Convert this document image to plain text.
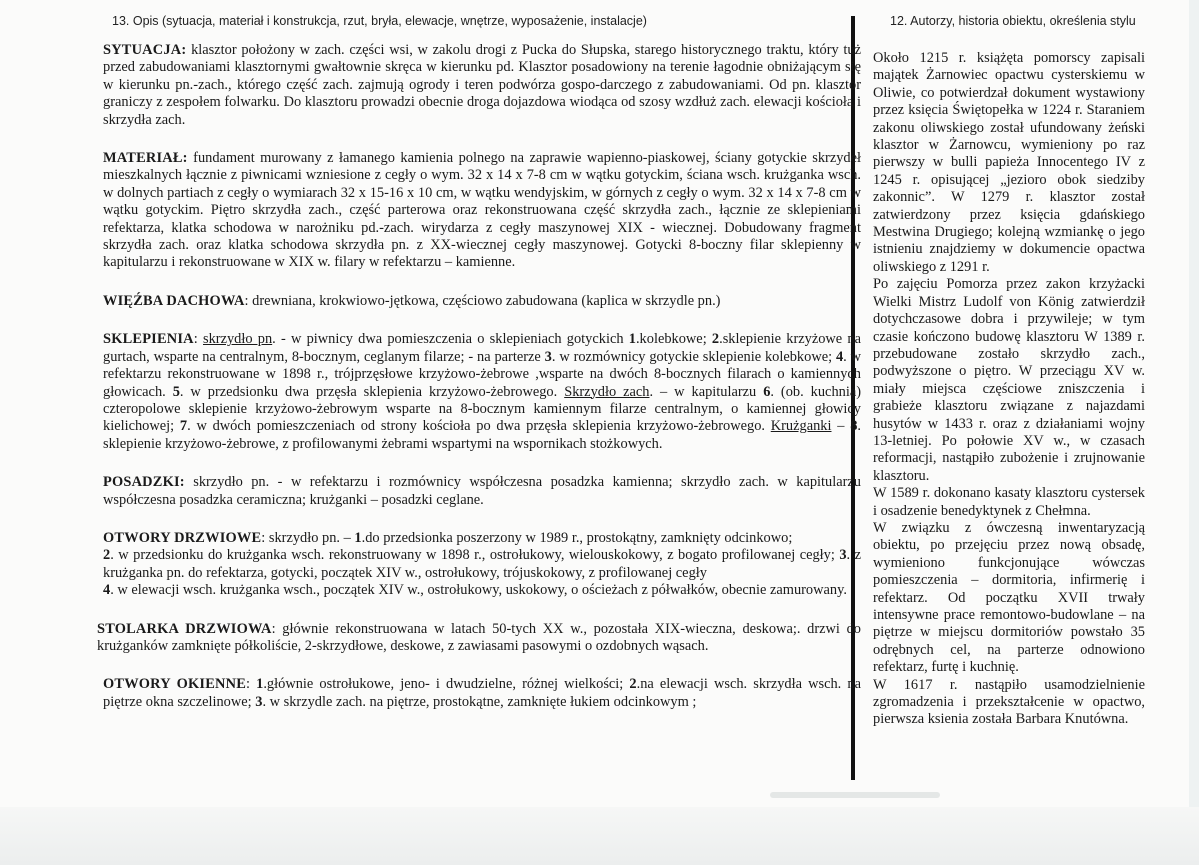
13. Opis (sytuacja, materiał i konstrukcja, rzut, bryła, elewacje, wnętrze, wyposażenie, instalacje)	12. Autorzy, historia obiektu, określenia stylu
SYTUACJA: klasztor położony w zach. części wsi, w zakolu drogi z Pucka do Słupska, starego historycznego traktu, który tuż przed zabudowaniami klasztornymi gwałtownie skręca w kierunku pd. Klasztor posadowiony na terenie łagodnie obniżającym się w kierunku pn.-zach., którego część zach. zajmują ogrody i teren podwórza gospo-darczego z zabudowaniami. Od pn. klasztor graniczy z zespołem folwarku. Do klasztoru prowadzi obecnie droga dojazdowa wiodąca od szosy wzdłuż zach. elewacji kościoła i skrzydła zach.
MATERIAŁ: fundament murowany z łamanego kamienia polnego na zaprawie wapienno-piaskowej, ściany gotyckie skrzydeł mieszkalnych łącznie z piwnicami wzniesione z cegły o wym. 32 x 14 x 7-8 cm w wątku gotyckim, ściana wsch. krużganka wsch. w dolnych partiach z cegły o wymiarach 32 x 15-16 x 10 cm, w wątku wendyjskim, w górnych z cegły o wym. 32 x 14 x 7-8 cm w wątku gotyckim. Piętro skrzydła zach., część parterowa oraz rekonstruowana część skrzydła zach., łącznie ze sklepieniami refektarza, klatka schodowa w narożniku pd.-zach. wirydarza z cegły maszynowej XIX - wiecznej. Dobudowany fragment skrzydła zach. oraz klatka schodowa skrzydła pn. z XX-wiecznej cegły maszynowej. Gotycki 8-boczny filar sklepienny w kapitularzu i rekonstruowane w XIX w. filary w refektarzu – kamienne.
WIĘŹBA DACHOWA: drewniana, krokwiowo-jętkowa, częściowo zabudowana (kaplica w skrzydle pn.)
SKLEPIENIA: skrzydło pn. - w piwnicy dwa pomieszczenia o sklepieniach gotyckich 1.kolebkowe; 2.sklepienie krzyżowe na gurtach, wsparte na centralnym, 8-bocznym, ceglanym filarze; - na parterze 3. w rozmównicy gotyckie sklepienie kolebkowe; 4. w refektarzu rekonstruowane w 1898 r., trójprzęsłowe krzyżowo-żebrowe ,wsparte na dwóch 8-bocznych filarach o kamiennych głowicach. 5. w przedsionku dwa przęsła sklepienia krzyżowo-żebrowego. Skrzydło zach. – w kapitularzu 6. (ob. kuchnia) czteropolowe sklepienie krzyżowo-żebrowym wsparte na 8-bocznym kamiennym filarze centralnym, o kamiennej głowicy kielichowej; 7. w dwóch pomieszczeniach od strony kościoła po dwa przęsła sklepienia krzyżowo-żebrowego. Krużganki – 8. sklepienie krzyżowo-żebrowe, z profilowanymi żebrami wspartymi na wspornikach stożkowych.
POSADZKI: skrzydło pn. - w refektarzu i rozmównicy współczesna posadzka kamienna; skrzydło zach. w kapitularzu współczesna posadzka ceramiczna; krużganki – posadzki ceglane.
OTWORY DRZWIOWE: skrzydło pn. – 1.do przedsionka poszerzony w 1989 r., prostokątny, zamknięty odcinkowo;
2. w przedsionku do krużganka wsch. rekonstruowany w 1898 r., ostrołukowy, wielouskokowy, z bogato profilowanej cegły; 3. z krużganka pn. do refektarza, gotycki, początek XIV w., ostrołukowy, trójuskokowy, z profilowanej cegły
4. w elewacji wsch. krużganka wsch., początek XIV w., ostrołukowy, uskokowy, o ościeżach z półwałków, obecnie zamurowany.
STOLARKA DRZWIOWA: głównie rekonstruowana w latach 50-tych XX w., pozostała XIX-wieczna, deskowa;. drzwi do krużganków zamknięte półkoliście, 2-skrzydłowe, deskowe, z zawiasami pasowymi o ozdobnych wąsach.
OTWORY OKIENNE: 1.głównie ostrołukowe, jeno- i dwudzielne, różnej wielkości; 2.na elewacji wsch. skrzydła wsch. na piętrze okna szczelinowe; 3. w skrzydle zach. na piętrze, prostokątne, zamknięte łukiem odcinkowym ;

Około 1215 r. książęta pomorscy zapisali majątek Żarnowiec opactwu cysterskiemu w Oliwie, co potwierdzał dokument wystawiony przez księcia Świętopełka w 1224 r. Staraniem zakonu oliwskiego został ufundowany żeński klasztor w Żarnowcu, wymieniony po raz pierwszy w bulli papieża Innocentego IV z 1245 r. opisującej „jezioro obok siedziby zakonnic”. W 1279 r. klasztor został zatwierdzony przez księcia gdańskiego Mestwina Drugiego; kolejną wzmiankę o jego istnieniu znajdziemy w dokumencie opactwa oliwskiego z 1291 r.

Po zajęciu Pomorza przez zakon krzyżacki Wielki Mistrz Ludolf von König zatwierdził dotychczasowe dobra i przywileje; w tym czasie kończono budowę klasztoru W 1389 r. przebudowane zostało skrzydło zach., podwyższone o piętro. W przeciągu XV w. miały miejsca częściowe zniszczenia i grabieże klasztoru związane z najazdami husytów w 1433 r. oraz z działaniami wojny 13-letniej. Po połowie XV w., w czasach reformacji, nastąpiło zubożenie i zrujnowanie klasztoru.

W 1589 r. dokonano kasaty klasztoru cystersek i osadzenie benedyktynek z Chełmna.

W związku z ówczesną inwentaryzacją obiektu, po przejęciu przez nową obsadę, wymieniono funkcjonujące wówczas pomieszczenia – dormitoria, infirmerię i refektarz. Od początku XVII trwały intensywne prace remontowo-budowlane – na piętrze w miejscu dormitoriów powstało 35 odrębnych cel, na parterze odnowiono refektarz, furtę i kuchnię.

W 1617 r. nastąpiło usamodzielnienie zgromadzenia i przekształcenie w opactwo, pierwsza ksienia została Barbara Knutówna.
